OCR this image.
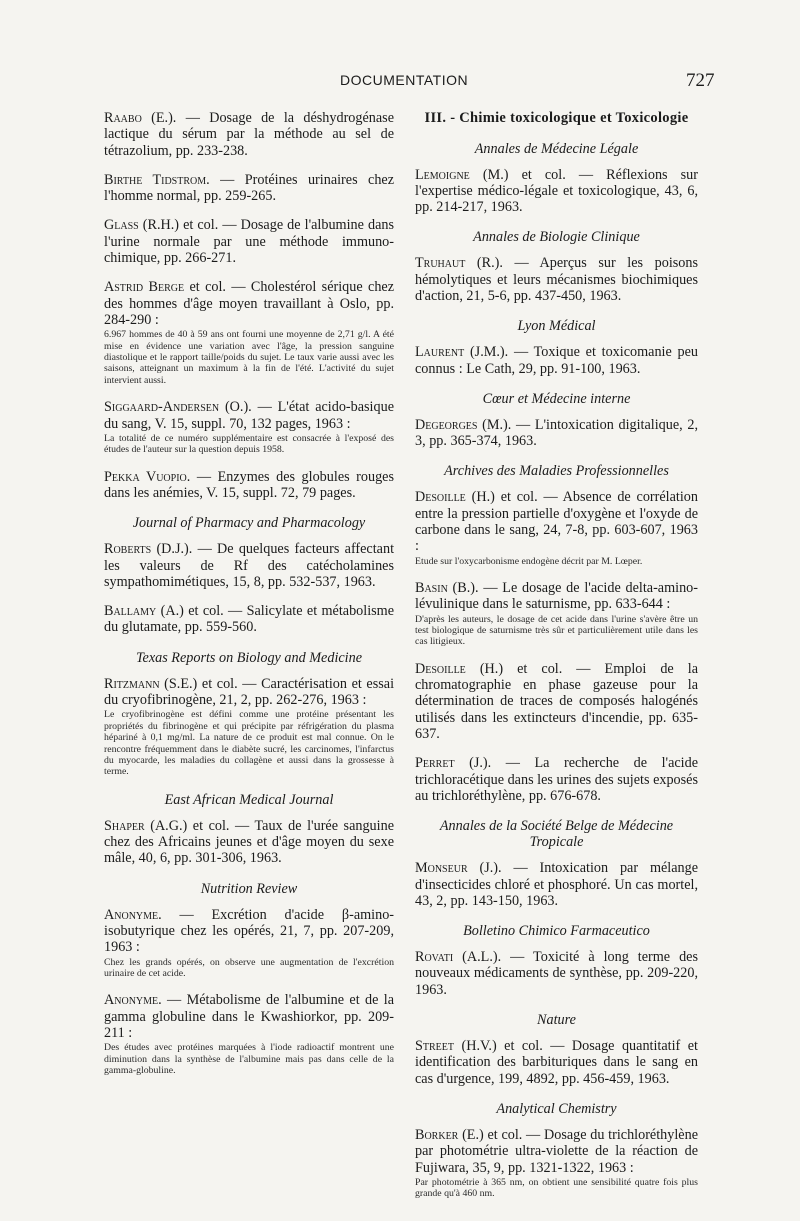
DOCUMENTATION	727
Raabo (E.). — Dosage de la déshydrogénase lactique du sérum par la méthode au sel de tétrazolium, pp. 233-238.
Birthe Tidstrom. — Protéines urinaires chez l'homme normal, pp. 259-265.
Glass (R.H.) et col. — Dosage de l'albumine dans l'urine normale par une méthode immuno-chimique, pp. 266-271.
Astrid Berge et col. — Cholestérol sérique chez des hommes d'âge moyen travaillant à Oslo, pp. 284-290 :
6.967 hommes de 40 à 59 ans ont fourni une moyenne de 2,71 g/l. A été mise en évidence une variation avec l'âge, la pression sanguine diastolique et le rapport taille/poids du sujet. Le taux varie aussi avec les saisons, atteignant un maximum à la fin de l'été. L'activité du sujet intervient aussi.
Siggaard-Andersen (O.). — L'état acido-basique du sang, V. 15, suppl. 70, 132 pages, 1963 :
La totalité de ce numéro supplémentaire est consacrée à l'exposé des études de l'auteur sur la question depuis 1958.
Pekka Vuopio. — Enzymes des globules rouges dans les anémies, V. 15, suppl. 72, 79 pages.
Journal of Pharmacy and Pharmacology
Roberts (D.J.). — De quelques facteurs affectant les valeurs de Rf des catécholamines sympathomimétiques, 15, 8, pp. 532-537, 1963.
Ballamy (A.) et col. — Salicylate et métabolisme du glutamate, pp. 559-560.
Texas Reports on Biology and Medicine
Ritzmann (S.E.) et col. — Caractérisation et essai du cryofibrinogène, 21, 2, pp. 262-276, 1963 :
Le cryofibrinogène est défini comme une protéine présentant les propriétés du fibrinogène et qui précipite par réfrigération du plasma hépariné à 0,1 mg/ml. La nature de ce produit est mal connue. On le rencontre fréquemment dans le diabète sucré, les carcinomes, l'infarctus du myocarde, les maladies du collagène et aussi dans la grossesse à terme.
East African Medical Journal
Shaper (A.G.) et col. — Taux de l'urée sanguine chez des Africains jeunes et d'âge moyen du sexe mâle, 40, 6, pp. 301-306, 1963.
Nutrition Review
Anonyme. — Excrétion d'acide β-amino-isobutyrique chez les opérés, 21, 7, pp. 207-209, 1963 :
Chez les grands opérés, on observe une augmentation de l'excrétion urinaire de cet acide.
Anonyme. — Métabolisme de l'albumine et de la gamma globuline dans le Kwashiorkor, pp. 209-211 :
Des études avec protéines marquées à l'iode radioactif montrent une diminution dans la synthèse de l'albumine mais pas dans celle de la gamma-globuline.
III. - Chimie toxicologique et Toxicologie
Annales de Médecine Légale
Lemoigne (M.) et col. — Réflexions sur l'expertise médico-légale et toxicologique, 43, 6, pp. 214-217, 1963.
Annales de Biologie Clinique
Truhaut (R.). — Aperçus sur les poisons hémolytiques et leurs mécanismes biochimiques d'action, 21, 5-6, pp. 437-450, 1963.
Lyon Médical
Laurent (J.M.). — Toxique et toxicomanie peu connus : Le Cath, 29, pp. 91-100, 1963.
Cœur et Médecine interne
Degeorges (M.). — L'intoxication digitalique, 2, 3, pp. 365-374, 1963.
Archives des Maladies Professionnelles
Desoille (H.) et col. — Absence de corrélation entre la pression partielle d'oxygène et l'oxyde de carbone dans le sang, 24, 7-8, pp. 603-607, 1963 :
Etude sur l'oxycarbonisme endogène décrit par M. Lœper.
Basin (B.). — Le dosage de l'acide delta-amino-lévulinique dans le saturnisme, pp. 633-644 :
D'après les auteurs, le dosage de cet acide dans l'urine s'avère être un test biologique de saturnisme très sûr et particulièrement utile dans les cas litigieux.
Desoille (H.) et col. — Emploi de la chromatographie en phase gazeuse pour la détermination de traces de composés halogénés utilisés dans les extincteurs d'incendie, pp. 635-637.
Perret (J.). — La recherche de l'acide trichloracétique dans les urines des sujets exposés au trichloréthylène, pp. 676-678.
Annales de la Société Belge de Médecine Tropicale
Monseur (J.). — Intoxication par mélange d'insecticides chloré et phosphoré. Un cas mortel, 43, 2, pp. 143-150, 1963.
Bolletino Chimico Farmaceutico
Rovati (A.L.). — Toxicité à long terme des nouveaux médicaments de synthèse, pp. 209-220, 1963.
Nature
Street (H.V.) et col. — Dosage quantitatif et identification des barbituriques dans le sang en cas d'urgence, 199, 4892, pp. 456-459, 1963.
Analytical Chemistry
Borker (E.) et col. — Dosage du trichloréthylène par photométrie ultra-violette de la réaction de Fujiwara, 35, 9, pp. 1321-1322, 1963 :
Par photométrie à 365 nm, on obtient une sensibilité quatre fois plus grande qu'à 460 nm.
